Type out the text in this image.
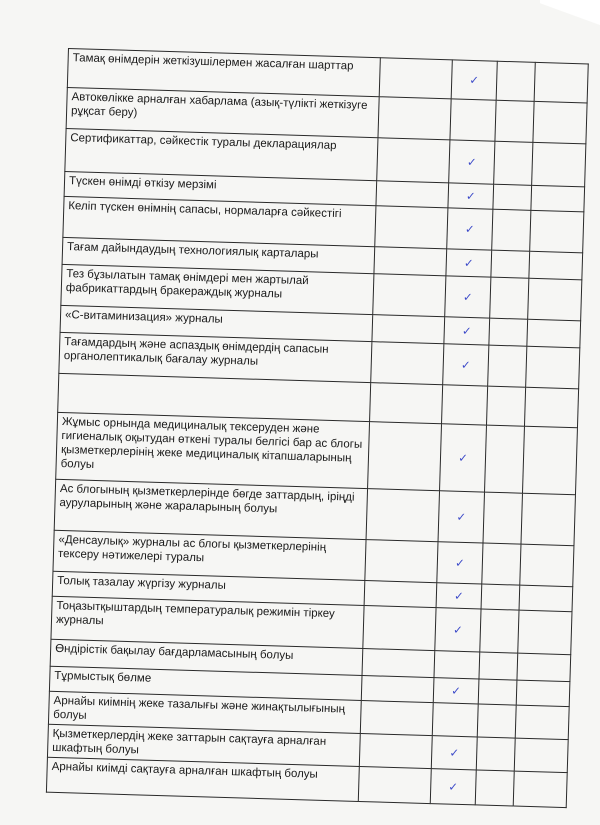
Тамақ өнімдерін жеткізушілермен жасалған шарттар		✓		
Автокөлікке арналған хабарлама (азық-түлікті жеткізуге рұқсат беру)				
Сертификаттар, сәйкестік туралы декларациялар		✓		
Түскен өнімді өткізу мерзімі		✓		
Келіп түскен өнімнің сапасы, нормаларға сәйкестігі		✓		
Тағам дайындаудың технологиялық карталары		✓		
Тез бұзылатын тамақ өнімдері мен жартылай фабрикаттардың бракераждық журналы		✓		
«С-витаминизация» журналы		✓		
Тағамдардың және аспаздық өнімдердің сапасын органолептикалық бағалау журналы		✓		

Жұмыс орнында медициналық тексеруден және гигиеналық оқытудан өткені туралы белгісі бар ас блогы қызметкерлерінің жеке медициналық кітапшаларының болуы		✓		
Ас блогының қызметкерлерінде бөгде заттардың, іріңді ауруларының және жараларының болуы		✓		
«Денсаулық» журналы ас блогы қызметкерлерінің тексеру нәтижелері туралы		✓		
Толық тазалау жүргізу журналы		✓		
Тоңазытқыштардың температуралық режимін тіркеу журналы		✓		
Өндірістік бақылау бағдарламасының болуы				
Тұрмыстық бөлме		✓		
Арнайы киімнің жеке тазалығы және жинақтылығының болуы				
Қызметкерлердің жеке заттарын сақтауға арналған шкафтың болуы		✓		
Арнайы киімді сақтауға арналған шкафтың болуы		✓		
